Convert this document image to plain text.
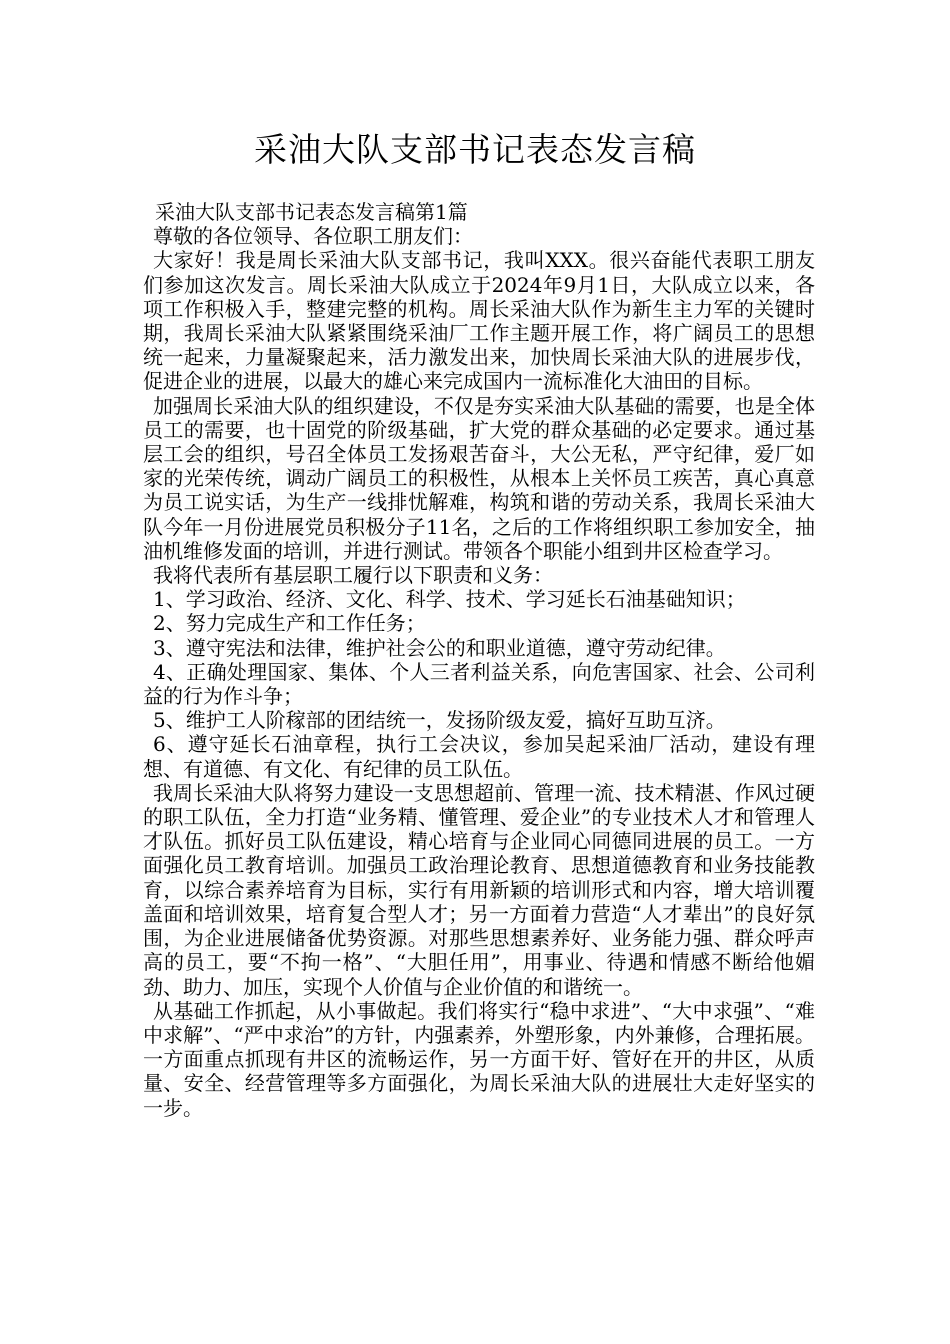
采油大队支部书记表态发言稿

采油大队支部书记表态发言稿第1篇

尊敬的各位领导、各位职工朋友们：

大家好！我是周长采油大队支部书记，我叫XXX。很兴奋能代表职工朋友们参加这次发言。周长采油大队成立于2024年9月1日，大队成立以来，各项工作积极入手，整建完整的机构。周长采油大队作为新生主力军的关键时期，我周长采油大队紧紧围绕采油厂工作主题开展工作，将广阔员工的思想统一起来，力量凝聚起来，活力激发出来，加快周长采油大队的进展步伐，促进企业的进展，以最大的雄心来完成国内一流标准化大油田的目标。

加强周长采油大队的组织建设，不仅是夯实采油大队基础的需要，也是全体员工的需要，也十固党的阶级基础，扩大党的群众基础的必定要求。通过基层工会的组织，号召全体员工发扬艰苦奋斗，大公无私，严守纪律，爱厂如家的光荣传统，调动广阔员工的积极性，从根本上关怀员工疾苦，真心真意为员工说实话，为生产一线排忧解难，构筑和谐的劳动关系，我周长采油大队今年一月份进展党员积极分子11名，之后的工作将组织职工参加安全，抽油机维修发面的培训，并进行测试。带领各个职能小组到井区检查学习。

我将代表所有基层职工履行以下职责和义务：

1、学习政治、经济、文化、科学、技术、学习延长石油基础知识；

2、努力完成生产和工作任务；

3、遵守宪法和法律，维护社会公的和职业道德，遵守劳动纪律。

4、正确处理国家、集体、个人三者利益关系，向危害国家、社会、公司利益的行为作斗争；

5、维护工人阶稼部的团结统一，发扬阶级友爱，搞好互助互济。

6、遵守延长石油章程，执行工会决议，参加吴起采油厂活动，建设有理想、有道德、有文化、有纪律的员工队伍。

我周长采油大队将努力建设一支思想超前、管理一流、技术精湛、作风过硬的职工队伍，全力打造“业务精、懂管理、爱企业”的专业技术人才和管理人才队伍。抓好员工队伍建设，精心培育与企业同心同德同进展的员工。一方面强化员工教育培训。加强员工政治理论教育、思想道德教育和业务技能教育，以综合素养培育为目标，实行有用新颖的培训形式和内容，增大培训覆盖面和培训效果，培育复合型人才；另一方面着力营造“人才辈出”的良好氛围，为企业进展储备优势资源。对那些思想素养好、业务能力强、群众呼声高的员工，要“不拘一格”、“大胆任用”，用事业、待遇和情感不断给他媚劲、助力、加压，实现个人价值与企业价值的和谐统一。

从基础工作抓起，从小事做起。我们将实行“稳中求进”、“大中求强”、“难中求解”、“严中求治”的方针，内强素养，外塑形象，内外兼修，合理拓展。一方面重点抓现有井区的流畅运作，另一方面干好、管好在开的井区，从质量、安全、经营管理等多方面强化，为周长采油大队的进展壮大走好坚实的一步。
